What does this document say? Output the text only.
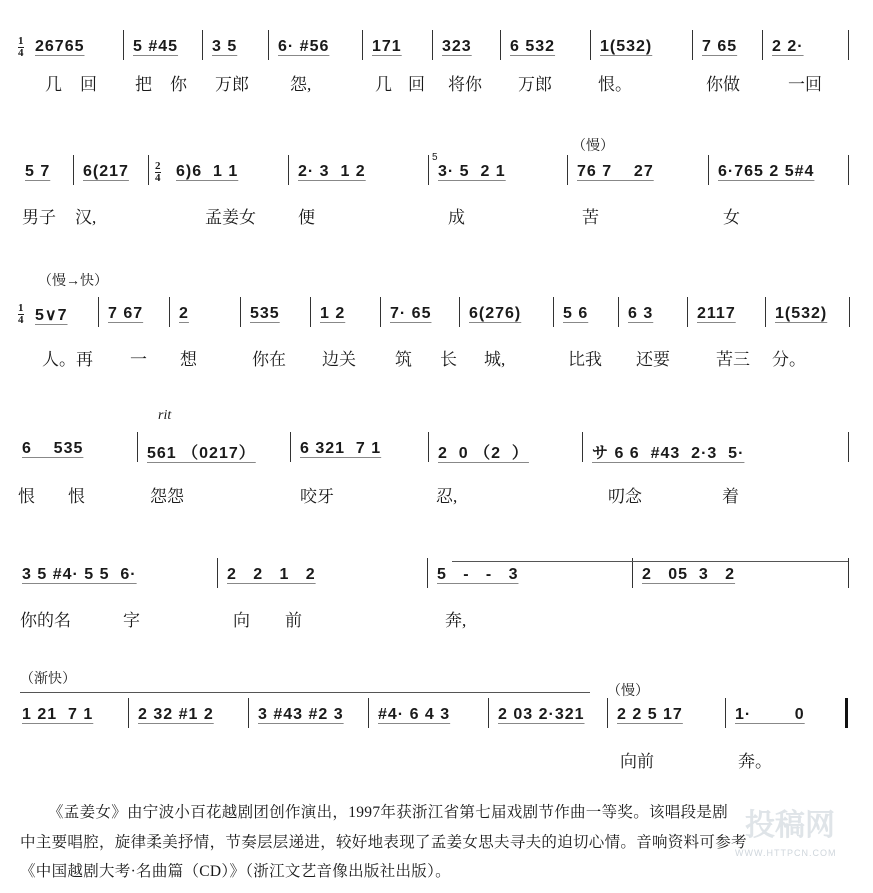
26765	5 #45 3 5	6· #56	171	323 6 532	1(532)	7 65 2 2·
几 回 把 你 万郎 怨,	几 回 将你 万郎	恨。	你做	一回
$\frac{1}{4}$
5 7 6(217	6)6  1 1	2· 3  1 2	3· 5  2 1	76 7    27	6·765 2 5#4
男子 汉,	孟姜女 便	成	苦	女
5∨7	7 67 2	535	1 2	7· 65 6(276)	5 6 6 3	2117 1(532)
人。再 一 想	你在 边关 筑 长 城,	比我 还要	苦三 分。
$\frac{1}{4}$
6    535	561 （0217）	6 321  7 1	2  0 （2  ）	サ 6 6  #43  2·3  5·
恨 恨	怨怨	咬牙	忍,	叨念	着
3 5 #4· 5 5  6·	2   2   1   2	5   -   -   3	2   05  3   2
你的名	字	向 前	奔,
1 21  7 1	2 32 #1 2	3 #43 #2 3 #4· 6 4 3	2 03 2·321 2 2 5 17	1·        0
向前	奔。
2
4
5
（慢）
（慢→快）
rit
（渐快）
（慢）
《孟姜女》由宁波小百花越剧团创作演出，1997年获浙江省第七届戏剧节作曲一等奖。该唱段是剧
中主要唱腔，旋律柔美抒情，节奏层层递进，较好地表现了孟姜女思夫寻夫的迫切心情。音响资料可参考
《中国越剧大考·名曲篇（CD）》（浙江文艺音像出版社出版）。
投稿网
WWW.HTTPCN.COM
